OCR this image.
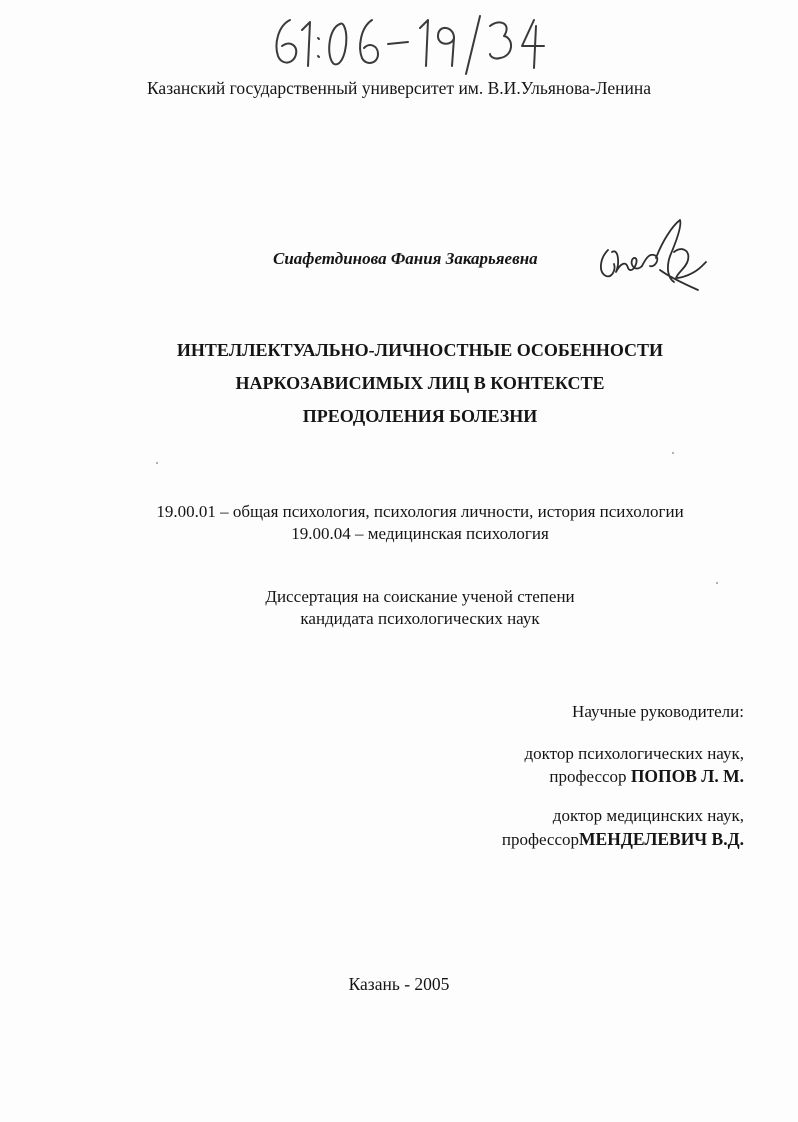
Казанский государственный университет им. В.И.Ульянова-Ленина
Сиафетдинова Фания Закарьяевна
ИНТЕЛЛЕКТУАЛЬНО-ЛИЧНОСТНЫЕ ОСОБЕННОСТИ
НАРКОЗАВИСИМЫХ ЛИЦ В КОНТЕКСТЕ
ПРЕОДОЛЕНИЯ БОЛЕЗНИ
19.00.01 – общая психология, психология личности, история психологии
19.00.04 – медицинская психология
Диссертация на соискание ученой степени
кандидата психологических наук
Научные руководители:
доктор психологических наук,
профессор ПОПОВ Л. М.
доктор медицинских наук,
профессорМЕНДЕЛЕВИЧ В.Д.
Казань - 2005
